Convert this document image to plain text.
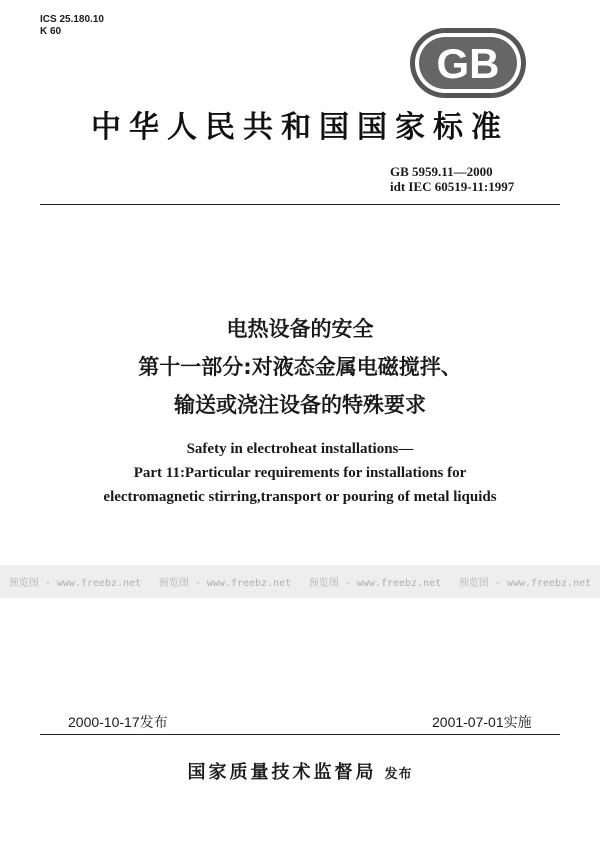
ICS 25.180.10
K 60
GB
中华人民共和国国家标准
GB 5959.11—2000
idt IEC 60519-11:1997
电热设备的安全
第十一部分:对液态金属电磁搅拌、
输送或浇注设备的特殊要求
Safety in electroheat installations—
Part 11:Particular requirements for installations for
electromagnetic stirring,transport or pouring of metal liquids
预览图 - www.freebz.net 预览图 - www.freebz.net 预览图 - www.freebz.net 预览图 - www.freebz.net
2000-10-17发布	2001-07-01实施
国家质量技术监督局 发布
